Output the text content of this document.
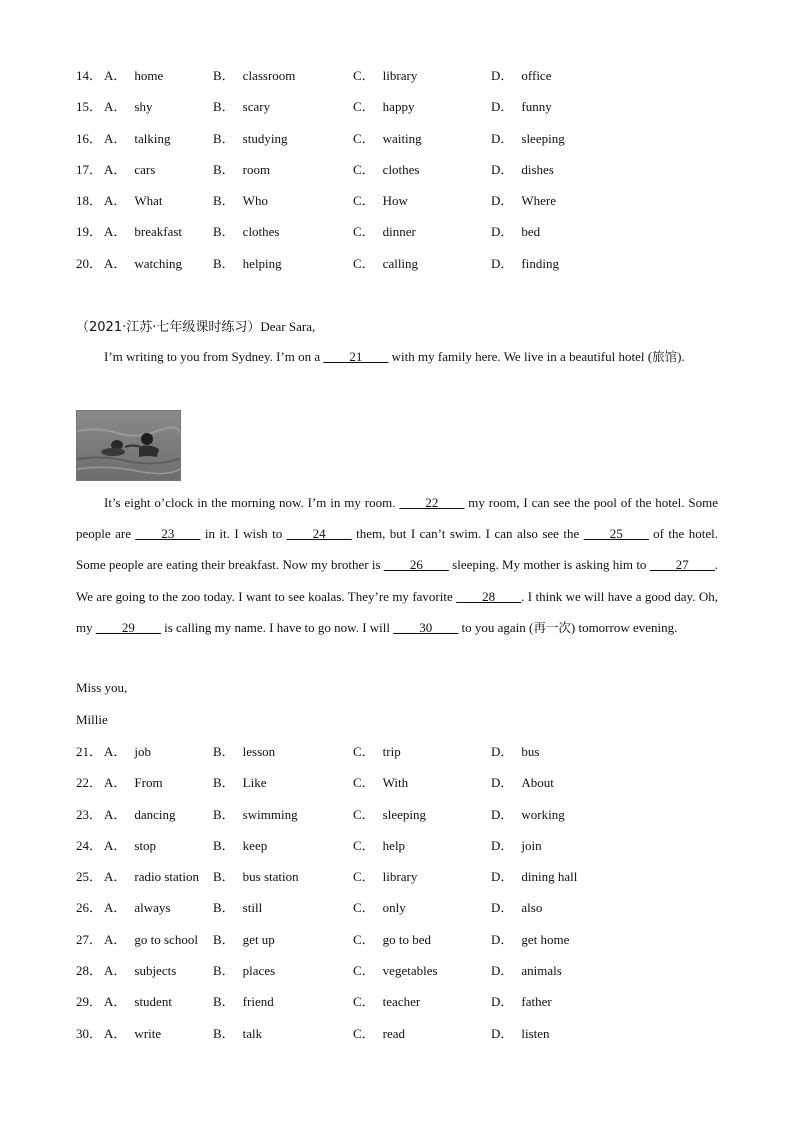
14． A． home	B． classroom	C． library	D． office
15． A． shy	B． scary	C． happy	D． funny
16． A． talking	B． studying	C． waiting	D． sleeping
17． A． cars	B． room	C． clothes	D． dishes
18． A． What	B． Who	C． How	D． Where
19． A． breakfast B． clothes	C． dinner	D． bed
20． A． watching B． helping	C． calling	D． finding
（2021·江苏·七年级课时练习）Dear Sara,
I’m writing to you from Sydney. I’m on a ____21____ with my family here. We live in a beautiful hotel (旅馆).
It’s eight o’clock in the morning now. I’m in my room. ____22____ my room, I can see the pool of the hotel. Some people are ____23____ in it. I wish to ____24____ them, but I can’t swim. I can also see the ____25____ of the hotel. Some people are eating their breakfast. Now my brother is ____26____ sleeping. My mother is asking him to ____27____. We are going to the zoo today. I want to see koalas. They’re my favorite ____28____. I think we will have a good day. Oh, my ____29____ is calling my name. I have to go now. I will ____30____ to you again (再一次) tomorrow evening.
Miss you,
Millie
21． A． job	B． lesson	C． trip	D． bus
22． A． From	B． Like	C． With	D． About
23． A． dancing	B． swimming	C． sleeping	D． working
24． A． stop	B． keep	C． help	D． join
25． A． radio station B． bus station	C． library	D． dining hall
26． A． always	B． still	C． only	D． also
27． A． go to school B． get up	C． go to bed	D． get home
28． A． subjects	B． places	C． vegetables	D． animals
29． A． student	B． friend	C． teacher	D． father
30． A． write	B． talk	C． read	D． listen
